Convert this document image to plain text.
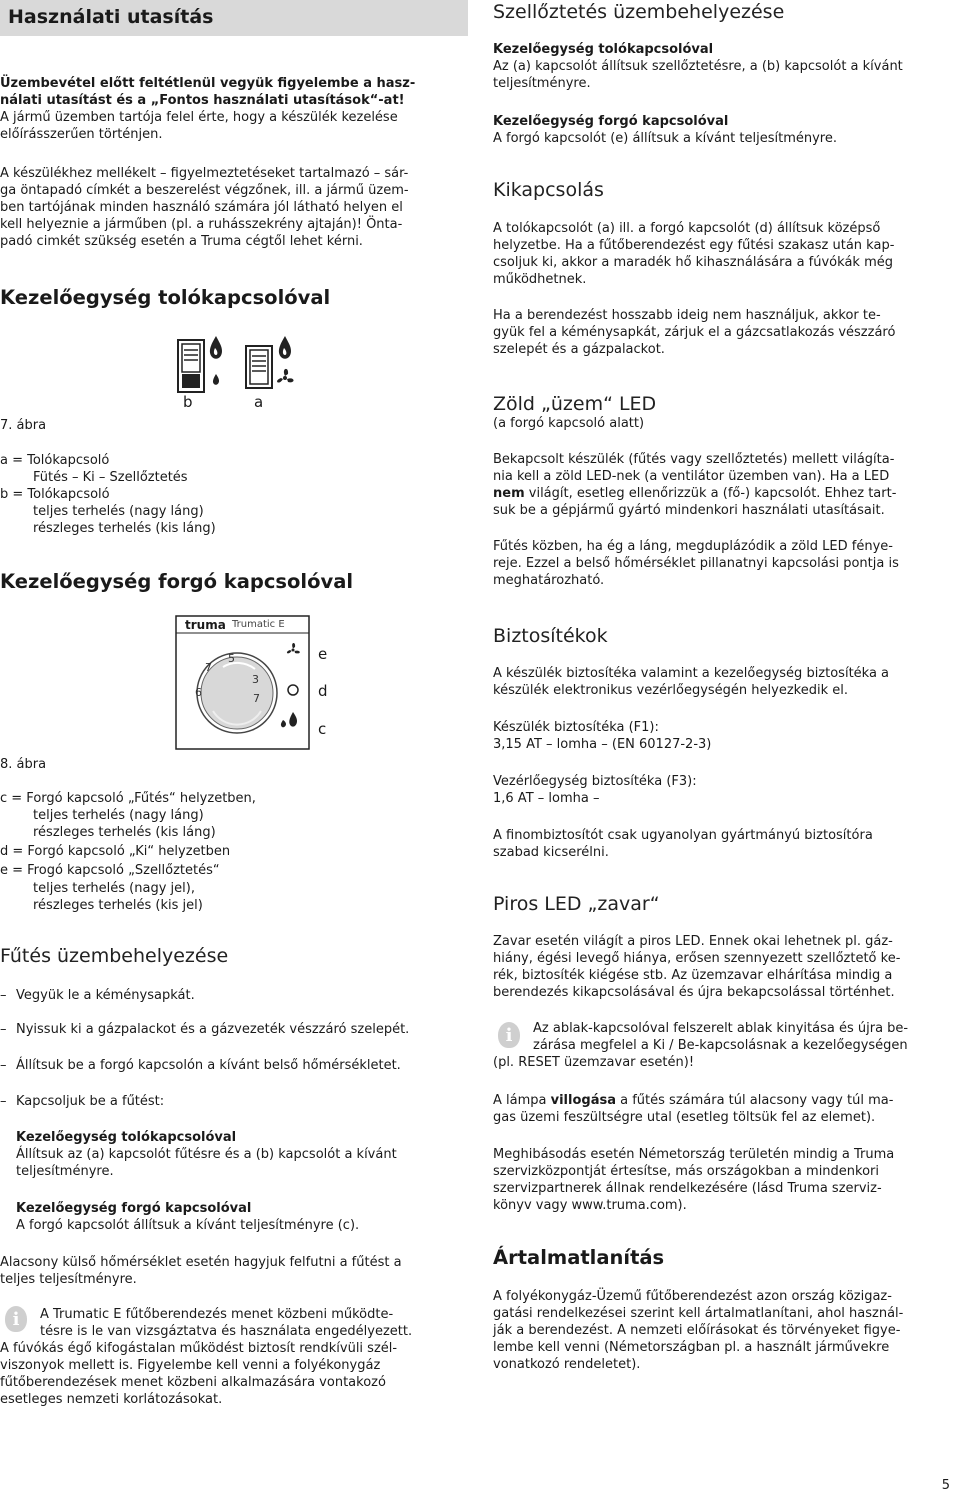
Használati utasítás

Üzembevétel előtt feltétlenül vegyük figyelembe a hasz-

nálati utasítást és a „Fontos használati utasítások“-at!

A jármű üzemben tartója felel érte, hogy a készülék kezelése

előírásszerűen történjen.

A készülékhez mellékelt – figyelmeztetéseket tartalmazó – sár-

ga öntapadó címkét a beszerelést végzőnek, ill. a jármű üzem-

ben tartójának minden használó számára jól látható helyen el

kell helyeznie a járműben (pl. a ruhásszekrény ajtaján)! Önta-

padó cimkét szükség esetén a Truma cégtől lehet kérni.

Kezelőegység tolókapcsolóval
b	a

7. ábra

a = Tolókapcsoló

Fütés – Ki – Szellőztetés

b = Tolókapcsoló

teljes terhelés (nagy láng)

részleges terhelés (kis láng)

Kezelőegység forgó kapcsolóval
truma Trumatic E
5
7
3
6	7
e
d
c

8. ábra

c = Forgó kapcsoló „Fűtés“ helyzetben,

teljes terhelés (nagy láng)

részleges terhelés (kis láng)

d = Forgó kapcsoló „Ki“ helyzetben

e = Frogó kapcsoló „Szellőztetés“

teljes terhelés (nagy jel),

részleges terhelés (kis jel)

Fűtés üzembehelyezése
– Vegyük le a kéménysapkát.
– Nyissuk ki a gázpalackot és a gázvezeték vészzáró szelepét.
– Állítsuk be a forgó kapcsolón a kívánt belső hőmérsékletet.
– Kapcsoljuk be a fűtést:

Kezelőegység tolókapcsolóval

Állítsuk az (a) kapcsolót fűtésre és a (b) kapcsolót a kívánt

teljesítményre.

Kezelőegység forgó kapcsolóval

A forgó kapcsolót állítsuk a kívánt teljesítményre (c).

Alacsony külső hőmérséklet esetén hagyjuk felfutni a fűtést a

teljes teljesítményre.

i	A Trumatic E fűtőberendezés menet közbeni működte-

tésre is le van vizsgáztatva és használata engedélyezett.

A fúvókás égő kifogástalan működést biztosít rendkívüli szél-

viszonyok mellett is. Figyelembe kell venni a folyékonygáz

fűtőberendezések menet közbeni alkalmazására vontakozó

esetleges nemzeti korlátozásokat.

Szellőztetés üzembehelyezése

Kezelőegység tolókapcsolóval

Az (a) kapcsolót állítsuk szellőztetésre, a (b) kapcsolót a kívánt

teljesítményre.

Kezelőegység forgó kapcsolóval

A forgó kapcsolót (e) állítsuk a kívánt teljesítményre.

Kikapcsolás

A tolókapcsolót (a) ill. a forgó kapcsolót (d) állítsuk középső

helyzetbe. Ha a fűtőberendezést egy fűtési szakasz után kap-

csoljuk ki, akkor a maradék hő kihasználására a fúvókák még

működhetnek.

Ha a berendezést hosszabb ideig nem használjuk, akkor te-

gyük fel a kéménysapkát, zárjuk el a gázcsatlakozás vészzáró

szelepét és a gázpalackot.

Zöld „üzem“ LED

(a forgó kapcsoló alatt)

Bekapcsolt készülék (fűtés vagy szellőztetés) mellett világíta-

nia kell a zöld LED-nek (a ventilátor üzemben van). Ha a LED

nem világít, esetleg ellenőrizzük a (fő-) kapcsolót. Ehhez tart-

suk be a gépjármű gyártó mindenkori használati utasításait.

Fűtés közben, ha ég a láng, megduplázódik a zöld LED fénye-

reje. Ezzel a belső hőmérséklet pillanatnyi kapcsolási pontja is

meghatározható.

Biztosítékok

A készülék biztosítéka valamint a kezelőegység biztosítéka a

készülék elektronikus vezérlőegységén helyezkedik el.

Készülék biztosítéka (F1):

3,15 AT – lomha – (EN 60127-2-3)

Vezérlőegység biztosítéka (F3):

1,6 AT – lomha –

A finombiztosítót csak ugyanolyan gyártmányú biztosítóra

szabad kicserélni.

Piros LED „zavar“

Zavar esetén világít a piros LED. Ennek okai lehetnek pl. gáz-

hiány, égési levegő hiánya, erősen szennyezett szellőztető ke-

rék, biztosíték kiégése stb. Az üzemzavar elhárítása mindig a

berendezés kikapcsolásával és újra bekapcsolással történhet.

i	Az ablak-kapcsolóval felszerelt ablak kinyitása és újra be-

zárása megfelel a Ki / Be-kapcsolásnak a kezelőegységen

(pl. RESET üzemzavar esetén)!

A lámpa villogása a fűtés számára túl alacsony vagy túl ma-

gas üzemi feszültségre utal (esetleg töltsük fel az elemet).

Meghibásodás esetén Németország területén mindig a Truma

szervizközpontját értesítse, más országokban a mindenkori

szervizpartnerek állnak rendelkezésére (lásd Truma szerviz-

könyv vagy www.truma.com).

Ártalmatlanítás

A folyékonygáz-Üzemű fűtőberendezést azon ország közigaz-

gatási rendelkezései szerint kell ártalmatlanítani, ahol használ-

ják a berendezést. A nemzeti előírásokat és törvényeket figye-

lembe kell venni (Németországban pl. a használt járművekre

vonatkozó rendeletet).

5
